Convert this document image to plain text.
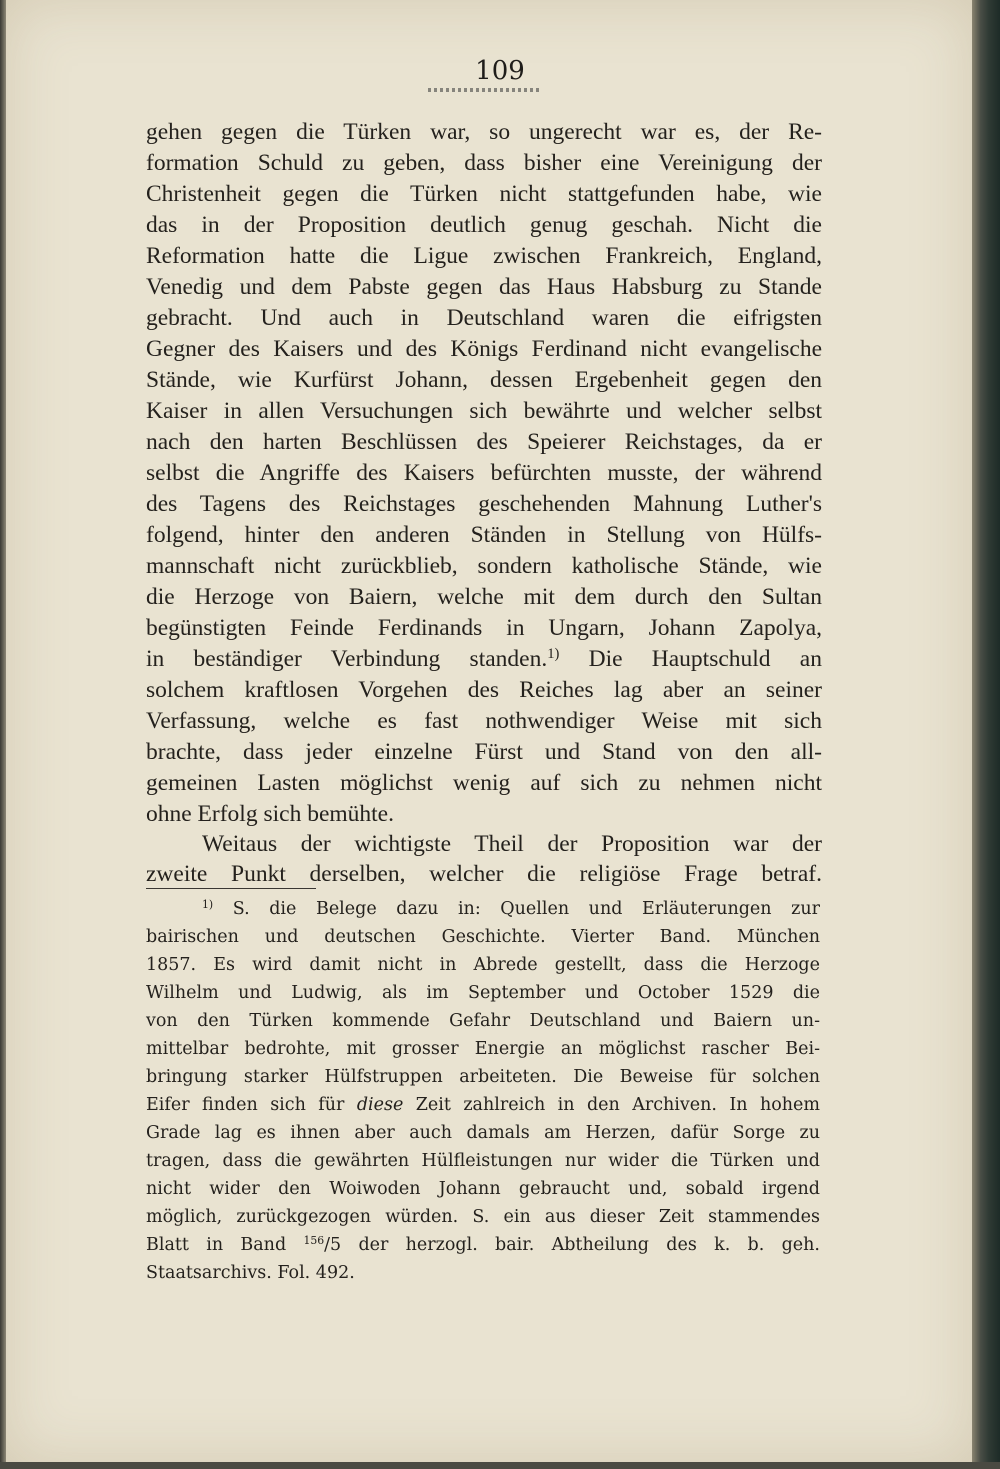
109
gehen gegen die Türken war, so ungerecht war es, der Re-
formation Schuld zu geben, dass bisher eine Vereinigung der
Christenheit gegen die Türken nicht stattgefunden habe, wie
das in der Proposition deutlich genug geschah. Nicht die
Reformation hatte die Ligue zwischen Frankreich, England,
Venedig und dem Pabste gegen das Haus Habsburg zu Stande
gebracht. Und auch in Deutschland waren die eifrigsten
Gegner des Kaisers und des Königs Ferdinand nicht evangelische
Stände, wie Kurfürst Johann, dessen Ergebenheit gegen den
Kaiser in allen Versuchungen sich bewährte und welcher selbst
nach den harten Beschlüssen des Speierer Reichstages, da er
selbst die Angriffe des Kaisers befürchten musste, der während
des Tagens des Reichstages geschehenden Mahnung Luther's
folgend, hinter den anderen Ständen in Stellung von Hülfs-
mannschaft nicht zurückblieb, sondern katholische Stände, wie
die Herzoge von Baiern, welche mit dem durch den Sultan
begünstigten Feinde Ferdinands in Ungarn, Johann Zapolya,
in beständiger Verbindung standen.$^{1)}$ Die Hauptschuld an
solchem kraftlosen Vorgehen des Reiches lag aber an seiner
Verfassung, welche es fast nothwendiger Weise mit sich
brachte, dass jeder einzelne Fürst und Stand von den all-
gemeinen Lasten möglichst wenig auf sich zu nehmen nicht
ohne Erfolg sich bemühte.
Weitaus der wichtigste Theil der Proposition war der
zweite Punkt derselben, welcher die religiöse Frage betraf.
$^{1)}$ S. die Belege dazu in: Quellen und Erläuterungen zur
bairischen und deutschen Geschichte. Vierter Band. München
1857. Es wird damit nicht in Abrede gestellt, dass die Herzoge
Wilhelm und Ludwig, als im September und October 1529 die
von den Türken kommende Gefahr Deutschland und Baiern un-
mittelbar bedrohte, mit grosser Energie an möglichst rascher Bei-
bringung starker Hülfstruppen arbeiteten. Die Beweise für solchen
Eifer finden sich für diese Zeit zahlreich in den Archiven. In hohem
Grade lag es ihnen aber auch damals am Herzen, dafür Sorge zu
tragen, dass die gewährten Hülfleistungen nur wider die Türken und
nicht wider den Woiwoden Johann gebraucht und, sobald irgend
möglich, zurückgezogen würden. S. ein aus dieser Zeit stammendes
Blatt in Band $^{156}$/5 der herzogl. bair. Abtheilung des k. b. geh.
Staatsarchivs. Fol. 492.
